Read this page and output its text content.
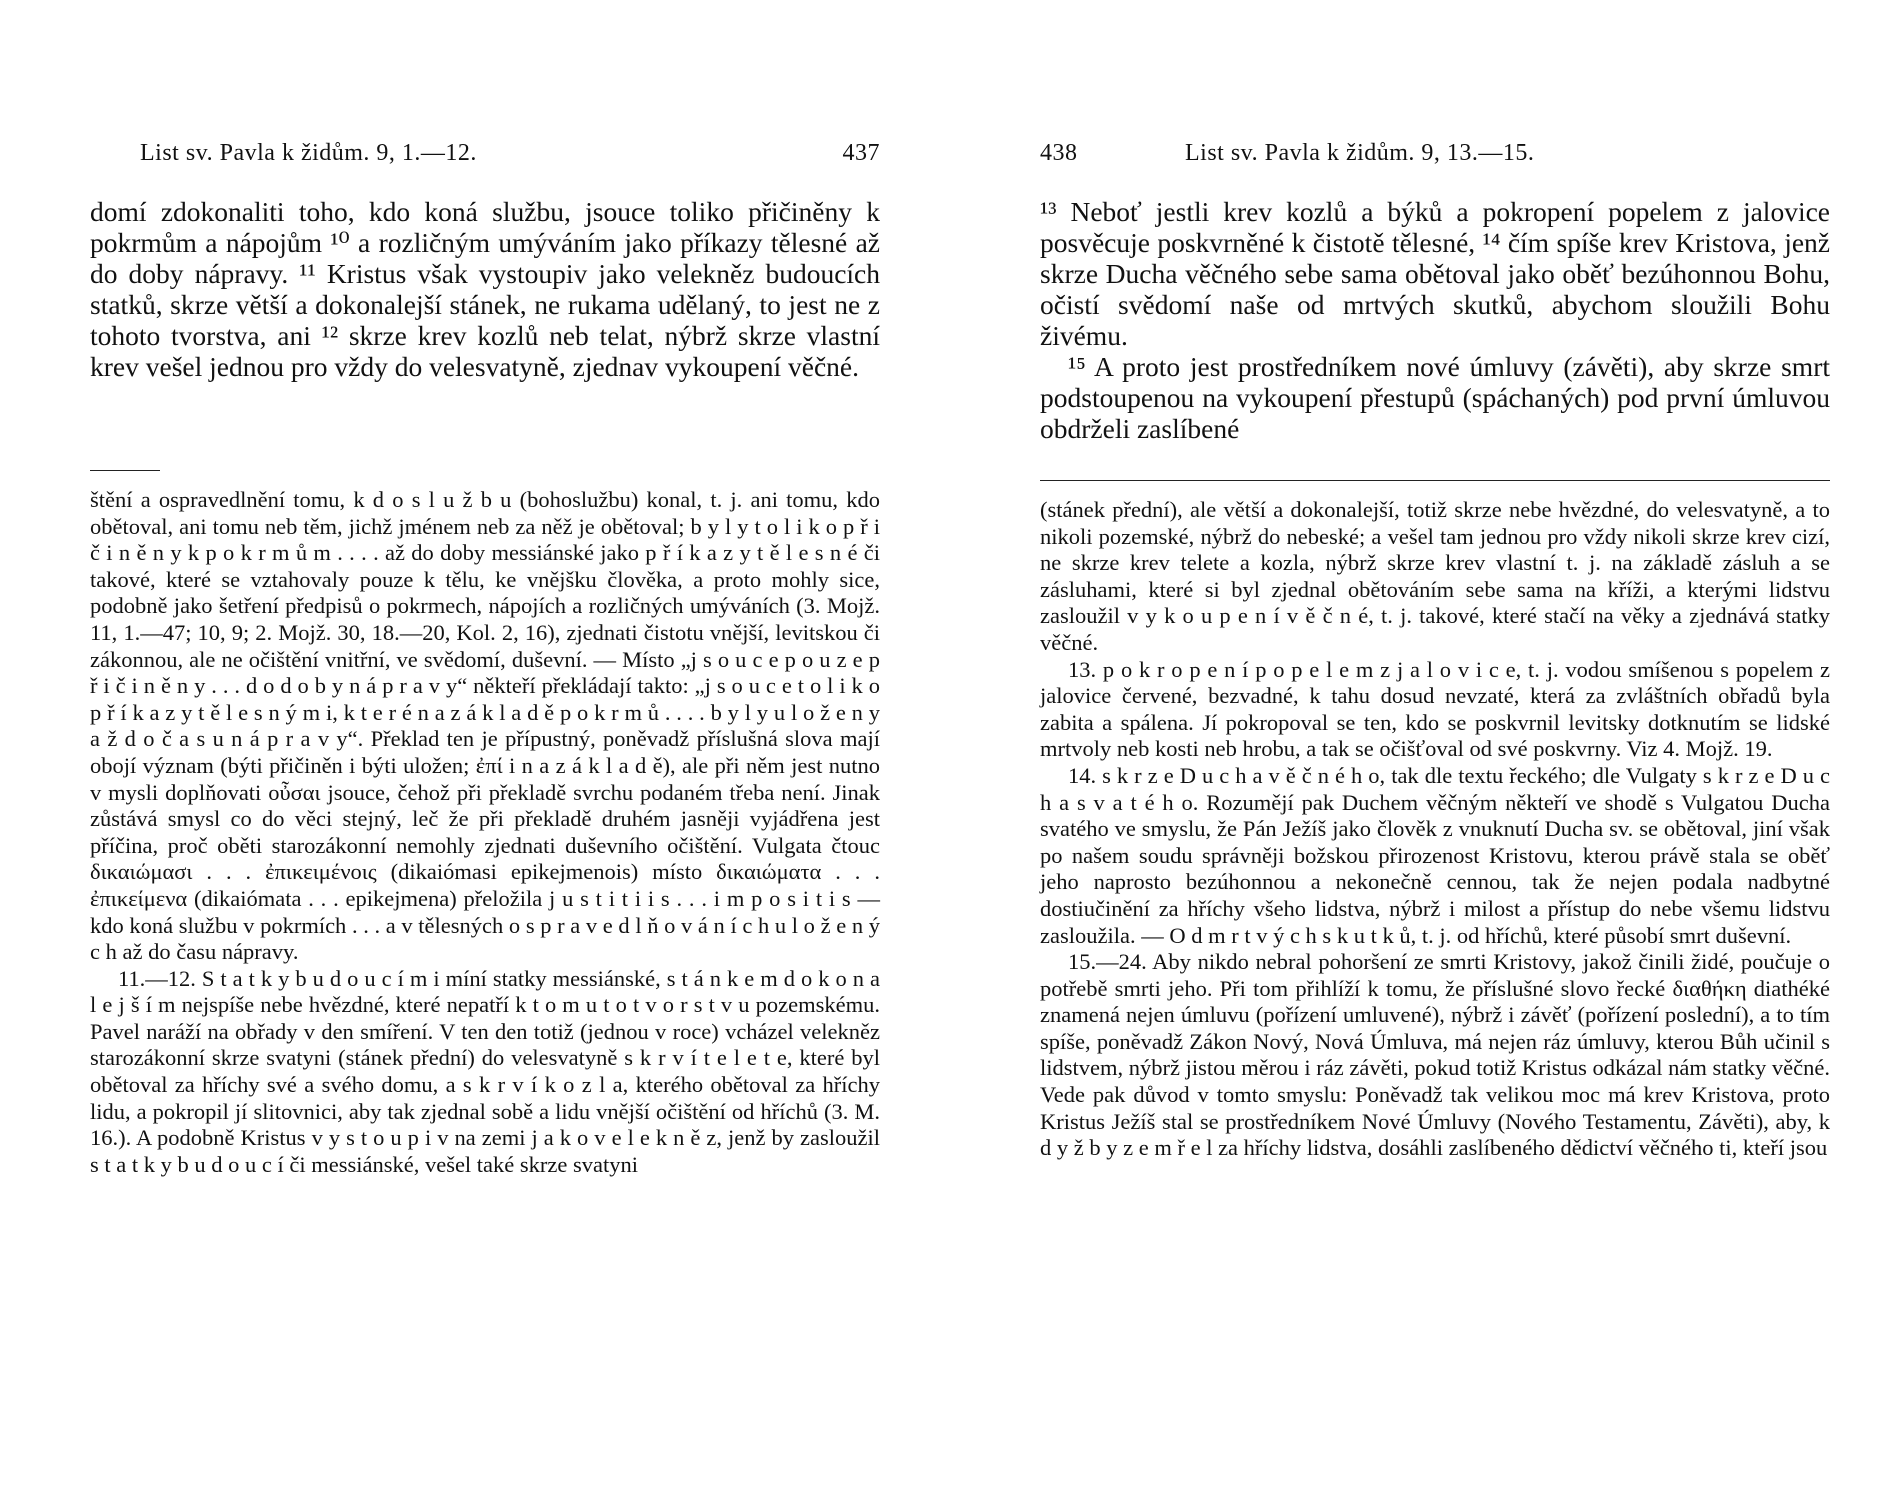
List sv. Pavla k židům. 9, 1.—12.	437

domí zdokonaliti toho, kdo koná službu, jsouce toliko přičiněny k pokrmům a nápojům ¹⁰ a rozličným umýváním jako příkazy tělesné až do doby nápravy. ¹¹ Kristus však vystoupiv jako velekněz budoucích statků, skrze větší a dokonalejší stánek, ne rukama udělaný, to jest ne z tohoto tvorstva, ani ¹² skrze krev kozlů neb telat, nýbrž skrze vlastní krev vešel jednou pro vždy do velesvatyně, zjednav vykoupení věčné.

štění a ospravedlnění tomu, k d o s l u ž b u (bohoslužbu) konal, t. j. ani tomu, kdo obětoval, ani tomu neb těm, jichž jménem neb za něž je obětoval; b y l y t o l i k o p ř i č i n ě n y k p o k r m ů m . . . . až do doby messiánské jako p ř í k a z y t ě l e s n é či takové, které se vztahovaly pouze k tělu, ke vnějšku člověka, a proto mohly sice, podobně jako šetření předpisů o pokrmech, nápojích a rozličných umýváních (3. Mojž. 11, 1.—47; 10, 9; 2. Mojž. 30, 18.—20, Kol. 2, 16), zjednati čistotu vnější, levitskou či zákonnou, ale ne očištění vnitřní, ve svědomí, duševní. — Místo „j s o u c e p o u z e p ř i č i n ě n y . . . d o d o b y n á p r a v y“ někteří překládají takto: „j s o u c e t o l i k o p ř í k a z y t ě l e s n ý m i, k t e r é n a z á k l a d ě p o k r m ů . . . . b y l y u l o ž e n y a ž d o č a s u n á p r a v y“. Překlad ten je přípustný, poněvadž příslušná slova mají obojí význam (býti přičiněn i býti uložen; ἐπί i n a z á k l a d ě), ale při něm jest nutno v mysli doplňovati οὖσαι jsouce, čehož při překladě svrchu podaném třeba není. Jinak zůstává smysl co do věci stejný, leč že při překladě druhém jasněji vyjádřena jest příčina, proč oběti starozákonní nemohly zjednati duševního očištění. Vulgata čtouc δικαιώμασι . . . ἐπικειμένοις (dikaiómasi epikejmenois) místo δικαιώματα . . . ἐπικείμενα (dikaiómata . . . epikejmena) přeložila j u s t i t i i s . . . i m p o s i t i s — kdo koná službu v pokrmích . . . a v tělesných o s p r a v e d l ň o v á n í c h u l o ž e n ý c h až do času nápravy.

11.—12. S t a t k y b u d o u c í m i míní statky messiánské, s t á n k e m d o k o n a l e j š í m nejspíše nebe hvězdné, které nepatří k t o m u t o t v o r s t v u pozemskému. Pavel naráží na obřady v den smíření. V ten den totiž (jednou v roce) vcházel velekněz starozákonní skrze svatyni (stánek přední) do velesvatyně s k r v í t e l e t e, které byl obětoval za hříchy své a svého domu, a s k r v í k o z l a, kterého obětoval za hříchy lidu, a pokropil jí slitovnici, aby tak zjednal sobě a lidu vnější očištění od hříchů (3. M. 16.). A podobně Kristus v y s t o u p i v na zemi j a k o v e l e k n ě z, jenž by zasloužil s t a t k y b u d o u c í či messiánské, vešel také skrze svatyni

438	List sv. Pavla k židům. 9, 13.—15.

¹³ Neboť jestli krev kozlů a býků a pokropení popelem z jalovice posvěcuje poskvrněné k čistotě tělesné, ¹⁴ čím spíše krev Kristova, jenž skrze Ducha věčného sebe sama obětoval jako oběť bezúhonnou Bohu, očistí svědomí naše od mrtvých skutků, abychom sloužili Bohu živému.

¹⁵ A proto jest prostředníkem nové úmluvy (závěti), aby skrze smrt podstoupenou na vykoupení přestupů (spáchaných) pod první úmluvou obdrželi zaslíbené

(stánek přední), ale větší a dokonalejší, totiž skrze nebe hvězdné, do velesvatyně, a to nikoli pozemské, nýbrž do nebeské; a vešel tam jednou pro vždy nikoli skrze krev cizí, ne skrze krev telete a kozla, nýbrž skrze krev vlastní t. j. na základě zásluh a se zásluhami, které si byl zjednal obětováním sebe sama na kříži, a kterými lidstvu zasloužil v y k o u p e n í v ě č n é, t. j. takové, které stačí na věky a zjednává statky věčné.

13. p o k r o p e n í p o p e l e m z j a l o v i c e, t. j. vodou smíšenou s popelem z jalovice červené, bezvadné, k tahu dosud nevzaté, která za zvláštních obřadů byla zabita a spálena. Jí pokropoval se ten, kdo se poskvrnil levitsky dotknutím se lidské mrtvoly neb kosti neb hrobu, a tak se očišťoval od své poskvrny. Viz 4. Mojž. 19.

14. s k r z e D u c h a v ě č n é h o, tak dle textu řeckého; dle Vulgaty s k r z e D u c h a s v a t é h o. Rozumějí pak Duchem věčným někteří ve shodě s Vulgatou Ducha svatého ve smyslu, že Pán Ježíš jako člověk z vnuknutí Ducha sv. se obětoval, jiní však po našem soudu správněji božskou přirozenost Kristovu, kterou právě stala se oběť jeho naprosto bezúhonnou a nekonečně cennou, tak že nejen podala nadbytné dostiučinění za hříchy všeho lidstva, nýbrž i milost a přístup do nebe všemu lidstvu zasloužila. — O d m r t v ý c h s k u t k ů, t. j. od hříchů, které působí smrt duševní.

15.—24. Aby nikdo nebral pohoršení ze smrti Kristovy, jakož činili židé, poučuje o potřebě smrti jeho. Při tom přihlíží k tomu, že příslušné slovo řecké διαθήκη diathéké znamená nejen úmluvu (pořízení umluvené), nýbrž i závěť (pořízení poslední), a to tím spíše, poněvadž Zákon Nový, Nová Úmluva, má nejen ráz úmluvy, kterou Bůh učinil s lidstvem, nýbrž jistou měrou i ráz závěti, pokud totiž Kristus odkázal nám statky věčné. Vede pak důvod v tomto smyslu: Poněvadž tak velikou moc má krev Kristova, proto Kristus Ježíš stal se prostředníkem Nové Úmluvy (Nového Testamentu, Závěti), aby, k d y ž b y z e m ř e l za hříchy lidstva, dosáhli zaslíbeného dědictví věčného ti, kteří jsou
